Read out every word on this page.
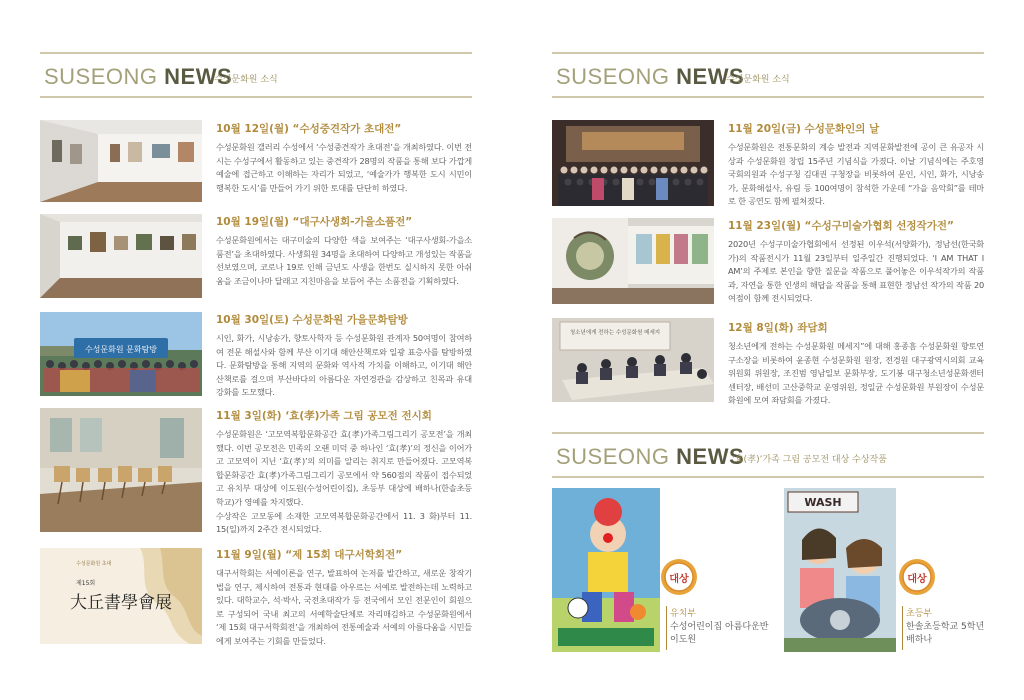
SUSEONG NEWS
수성문화원 소식
10월 12일(월) “수성중견작가 초대전”

수성문화원 갤러리 수성에서 ‘수성중견작가 초대전’을 개최하였다. 이번 전시는 수성구에서 활동하고 있는 중견작가 28명의 작품을 통해 보다 가깝게 예술에 접근하고 이해하는 자리가 되었고, ‘예술가가 행복한 도시 시민이 행복한 도시’를 만들어 가기 위한 토대를 단단히 하였다.

10월 19일(월) “대구사생회-가을소품전”

수성문화원에서는 대구미술의 다양한 색을 보여주는 ‘대구사생회-가을소품전’을 초대하였다. 사생회원 34명을 초대하여 다양하고 개성있는 작품을 선보였으며, 코로나 19로 인해 금년도 사생을 한번도 실시하지 못한 아쉬움을 조금이나마 달래고 지친마음을 보듬어 주는 소품전을 기획하였다.

수성문화원 문화탐방
10월 30일(토) 수성문화원 가을문화탐방

시인, 화가, 시낭송가, 향토사학자 등 수성문화원 관계자 50여명이 참여하여 전문 해설사와 함께 부산 이기대 해안산책로와 일광 표층사를 탐방하였다. 문화탐방을 통해 지역의 문화와 역사적 가치를 이해하고, 이기대 해안산책로를 걸으며 부산바다의 아름다운 자연경관을 감상하고 친목과 유대 강화를 도모했다.

11월 3일(화) ‘효(孝)가족 그림 공모전 전시회

수성문화원은 ‘고모역복합문화공간 효(孝)가족그림그리기 공모전’을 개최했다. 이번 공모전은 민족의 오랜 미덕 중 하나인 ‘효(孝)’의 정신을 이어가고 고모역이 지닌 ‘효(孝)’의 의미를 알리는 취지로 만들어졌다. 고모역복합문화공간 효(孝)가족그림그리기 공모에서 약 560점의 작품이 접수되었고 유치부 대상에 이도원(수성어린이집), 초등부 대상에 배하나(한솔초등학교)가 영예를 차지했다.

수상작은 고모동에 소재한 고모역복합문화공간에서 11. 3 화)부터 11. 15(일)까지 2주간 전시되었다.

수성문화원 초대
제15회
大丘書學會展
11월 9일(월) “제 15회 대구서학회전”

대구서학회는 서예이론을 연구, 발표하여 논저를 발간하고, 새로운 창작기법을 연구, 제시하여 전통과 현대를 아우르는 서예로 발전하는데 노력하고 있다. 대학교수, 석·박사, 국전초대작가 등 전국에서 모인 전문인이 회원으로 구성되어 국내 최고의 서예학술단체로 자리매김하고 수성문화원에서 ‘제 15회 대구서학회전’을 개최하여 전통예술과 서예의 아름다움을 시민들에게 보여주는 기회를 만들었다.

SUSEONG NEWS
수성문화원 소식
11월 20일(금) 수성문화인의 날

수성문화원은 전통문화의 계승 발전과 지역문화발전에 공이 큰 유공자 시상과 수성문화원 창립 15주년 기념식을 가졌다. 이날 기념식에는 주호영 국회의원과 수성구청 김대권 구청장을 비롯하여 문인, 시인, 화가, 시낭송가, 문화해설사, 유림 등 100여명이 참석한 가운데 “가을 음악회”를 테마로 한 공연도 함께 펼쳐졌다.

11월 23일(월) “수성구미술가협회 선정작가전”

2020년 수성구미술가협회에서 선정된 이우석(서양화가), 정남선(한국화가)의 작품전시가 11월 23일부터 일주일간 진행되었다. ‘I AM THAT I AM’의 주제로 본인을 향한 질문을 작품으로 풀어놓은 이우석작가의 작품과, 자연을 통한 인생의 해답을 작품을 통해 표현한 정남선 작가의 작품 20여점이 함께 전시되었다.

청소년에게 전하는 수성문화원 메세지	12월 8일(화) 좌담회

청소년에게 전하는 수성문화원 메세지”에 대해 홍종흠 수성문화원 향토연구소장을 비롯하여 윤종현 수성문화원 원장, 전경원 대구광역시의회 교육위원회 위원장, 조진범 영남일보 문화부장, 도기봉 대구청소년성문화센터 센터장, 배선미 고산중학교 운영위원, 정일균 수성문화원 부원장이 수성문화원에 모여 좌담회를 가졌다.

SUSEONG NEWS
‘효(孝)’가족 그림 공모전 대상 수상작품
대상
유치부
수성어린이집 아름다운반
이도원
WASH
대상
초등부
한솔초등학교 5학년
배하나
